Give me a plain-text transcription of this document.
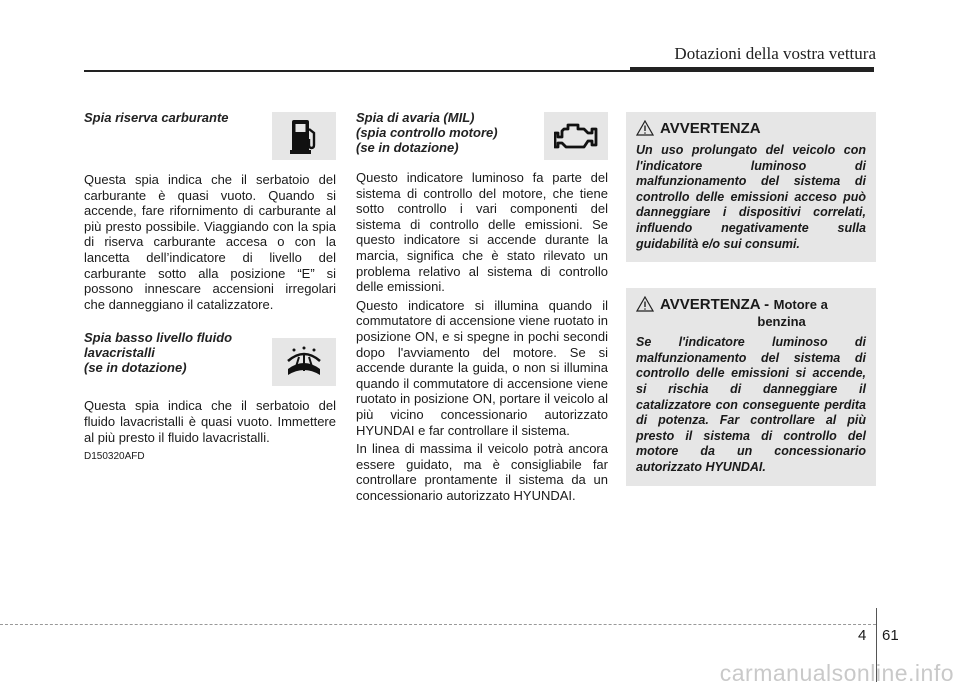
Dotazioni della vostra vettura
Spia riserva carburante

Questa spia indica che il serbatoio del carburante è quasi vuoto. Quando si accende, fare rifornimento di carburante al più presto possibile. Viaggiando con la spia di riserva carburante accesa o con la lancetta dell’indicatore di livello del carburante sotto alla posizione “E” si possono innescare accensioni irregolari che danneggiano il catalizzatore.

Spia basso livello fluido
lavacristalli
(se in dotazione)

Questa spia indica che il serbatoio del fluido lavacristalli è quasi vuoto. Immettere al più presto il fluido lavacristalli.

D150320AFD
Spia di avaria (MIL)
(spia controllo motore)
(se in dotazione)

Questo indicatore luminoso fa parte del sistema di controllo del motore, che tiene sotto controllo i vari componenti del sistema di controllo delle emissioni. Se questo indicatore si accende durante la marcia, significa che è stato rilevato un problema relativo al sistema di controllo delle emissioni.

Questo indicatore si illumina quando il commutatore di accensione viene ruotato in posizione ON, e si spegne in pochi secondi dopo l'avviamento del motore. Se si accende durante la guida, o non si illumina quando il commutatore di accensione viene ruotato in posizione ON, portare il veicolo al più vicino concessionario autorizzato HYUNDAI e far controllare il sistema.

In linea di massima il veicolo potrà ancora essere guidato, ma è consigliabile far controllare prontamente il sistema da un concessionario autorizzato HYUNDAI.

AVVERTENZA
Un uso prolungato del veicolo con l'indicatore luminoso di malfunzionamento del sistema di controllo delle emissioni acceso può danneggiare i dispositivi correlati, influendo negativamente sulla guidabilità e/o sui consumi.
AVVERTENZA - Motore a
benzina
Se l'indicatore luminoso di malfunzionamento del sistema di controllo delle emissioni si accende, si rischia di danneggiare il catalizzatore con conseguente perdita di potenza. Far controllare al più presto il sistema di controllo del motore da un concessionario autorizzato HYUNDAI.
4 61
carmanualsonline.info
